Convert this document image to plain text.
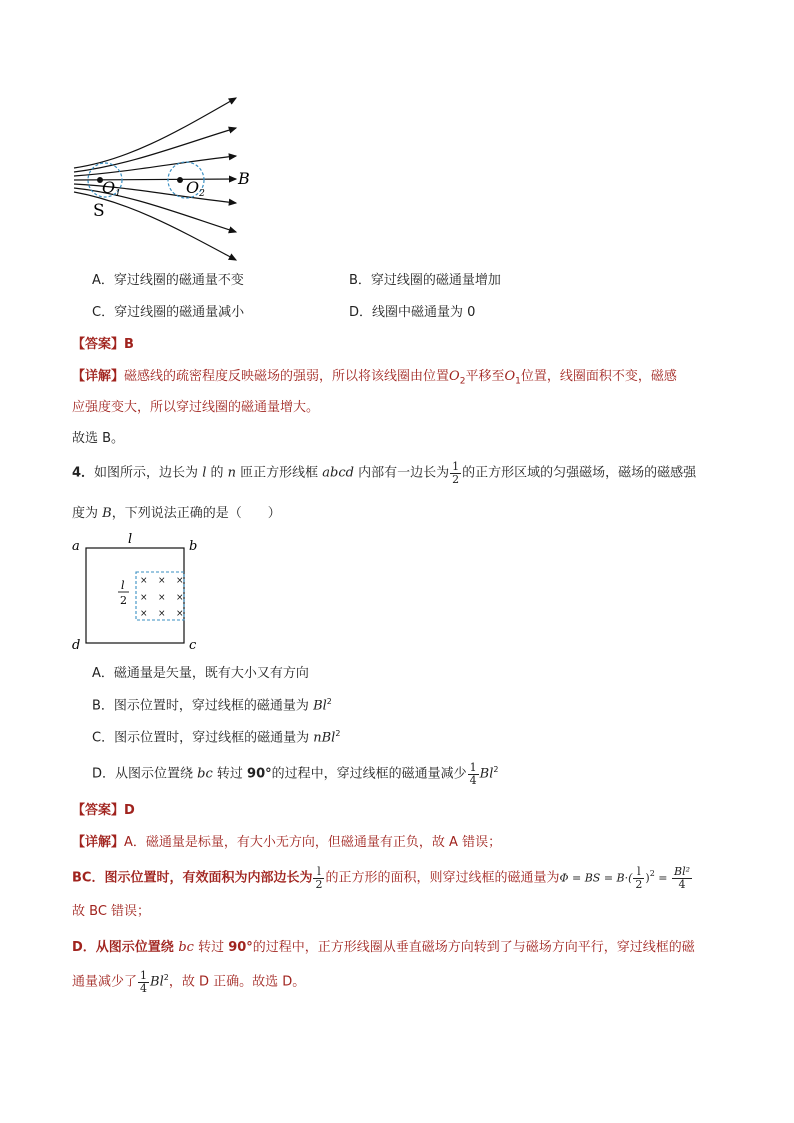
O1	O2
S
B
A．穿过线圈的磁通量不变	B．穿过线圈的磁通量增加
C．穿过线圈的磁通量减小	D．线圈中磁通量为 0
【答案】B
【详解】磁感线的疏密程度反映磁场的强弱，所以将该线圈由位置$O_2$平移至$O_1$位置，线圈面积不变，磁感
应强度变大，所以穿过线圈的磁通量增大。
故选 B。
4．如图所示，边长为 l 的 n 匝正方形线框 abcd 内部有一边长为 $\frac{1}{2}$ 的正方形区域的匀强磁场，磁场的磁感强
度为 B，下列说法正确的是（　　）
× × ×
× × ×
× × ×
a	b
d	c
l
l
2
A．磁通量是矢量，既有大小又有方向
B．图示位置时，穿过线框的磁通量为 Bl$^2$
C．图示位置时，穿过线框的磁通量为 nBl$^2$
D．从图示位置绕 bc 转过 90°的过程中，穿过线框的磁通量减少 $\frac{1}{4} Bl^2$
【答案】D
【详解】A．磁通量是标量，有大小无方向，但磁通量有正负，故 A 错误；
BC．图示位置时，有效面积为内部边长为 $\frac{l}{2}$ 的正方形的面积，则穿过线框的磁通量为Φ = BS = $B\cdot( \frac{l}{2} )^2 = \frac{\text{Bl²}}{4}$
故 BC 错误；
D．从图示位置绕 bc 转过 90°的过程中，正方形线圈从垂直磁场方向转到了与磁场方向平行，穿过线框的磁
通量减少了 $\frac{1}{4} Bl^2$，故 D 正确。故选 D。
